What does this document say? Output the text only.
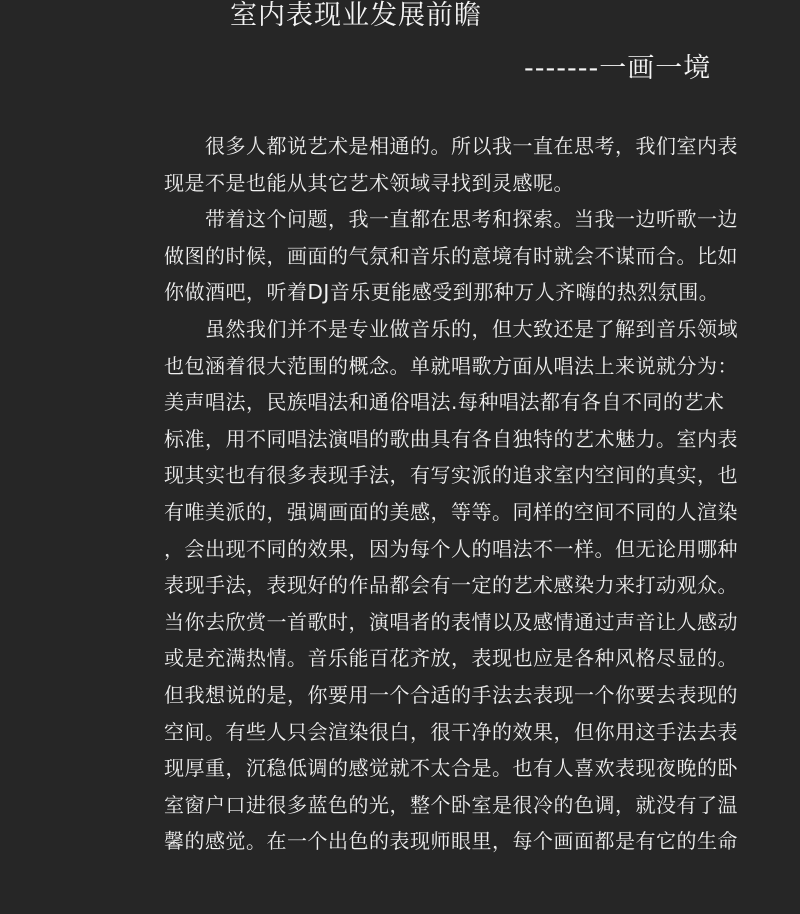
室内表现业发展前瞻
-------一画一境
　　很多人都说艺术是相通的。所以我一直在思考，我们室内表
现是不是也能从其它艺术领域寻找到灵感呢。
　　带着这个问题，我一直都在思考和探索。当我一边听歌一边
做图的时候，画面的气氛和音乐的意境有时就会不谋而合。比如
你做酒吧，听着DJ音乐更能感受到那种万人齐嗨的热烈氛围。
　　虽然我们并不是专业做音乐的，但大致还是了解到音乐领域
也包涵着很大范围的概念。单就唱歌方面从唱法上来说就分为：
美声唱法，民族唱法和通俗唱法.每种唱法都有各自不同的艺术
标准，用不同唱法演唱的歌曲具有各自独特的艺术魅力。室内表
现其实也有很多表现手法，有写实派的追求室内空间的真实，也
有唯美派的，强调画面的美感，等等。同样的空间不同的人渲染
，会出现不同的效果，因为每个人的唱法不一样。但无论用哪种
表现手法，表现好的作品都会有一定的艺术感染力来打动观众。
当你去欣赏一首歌时，演唱者的表情以及感情通过声音让人感动
或是充满热情。音乐能百花齐放，表现也应是各种风格尽显的。
但我想说的是，你要用一个合适的手法去表现一个你要去表现的
空间。有些人只会渲染很白，很干净的效果，但你用这手法去表
现厚重，沉稳低调的感觉就不太合是。也有人喜欢表现夜晚的卧
室窗户口进很多蓝色的光，整个卧室是很冷的色调，就没有了温
馨的感觉。在一个出色的表现师眼里，每个画面都是有它的生命
